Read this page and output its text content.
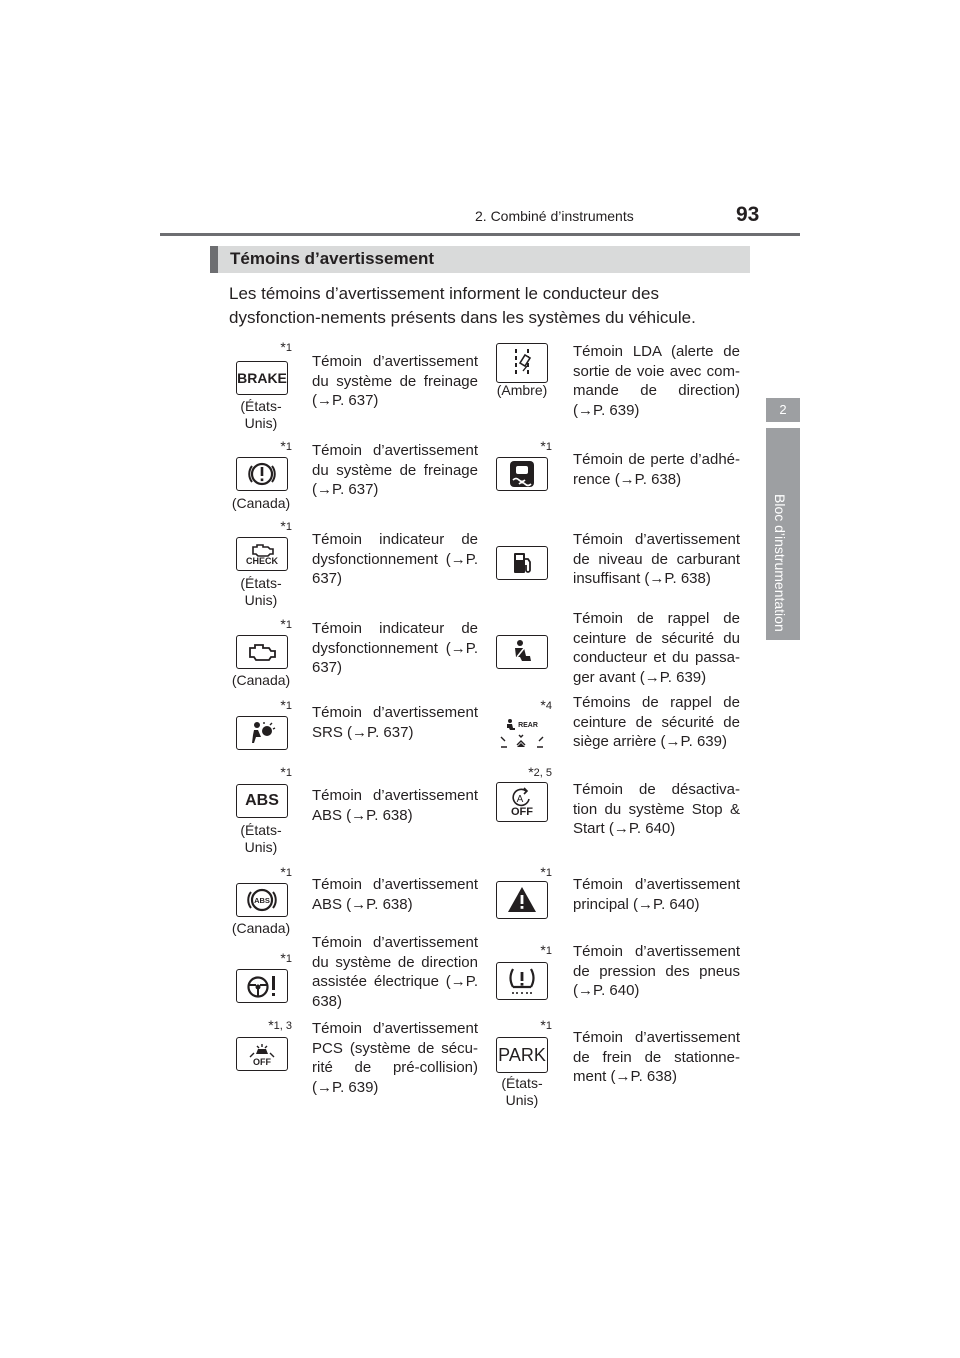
2. Combiné d’instruments	93
2
Bloc d’instrumentation
Témoins d’avertissement
Les témoins d’avertissement informent le conducteur des dysfonction-nements présents dans les systèmes du véhicule.
*$^1$
BRAKE
(États-Unis)
Témoin d’avertissement du système de freinage (→P. 637)
*$^1$
(Canada)
Témoin d’avertissement du système de freinage (→P. 637)
*$^1$
CHECK
(États-Unis)
Témoin indicateur de dysfonctionnement (→P. 637)
*$^1$
(Canada)
Témoin indicateur de dysfonctionnement (→P. 637)
*$^1$ Témoin d’avertissement SRS (→P. 637)
*$^1$
ABS
(États-Unis)
Témoin d’avertissement ABS (→P. 638)
*$^1$
ABS
(Canada)
Témoin d’avertissement ABS (→P. 638)
*$^1$
Témoin d’avertissement du système de direction assistée électrique (→P. 638)
*$^{1, 3}$
OFF
Témoin d’avertissement PCS (système de sécu-rité de pré-collision) (→P. 639)
(Ambre)
Témoin LDA (alerte de sortie de voie avec com-mande de direction) (→P. 639)
*$^1$
Témoin de perte d’adhé-rence (→P. 638)
Témoin d’avertissement de niveau de carburant insuffisant (→P. 638)
Témoin de rappel de ceinture de sécurité du conducteur et du passa-ger avant (→P. 639)
*$^4$
REAR
Témoins de rappel de ceinture de sécurité de siège arrière (→P. 639)
*$^{2, 5}$
A
OFF
Témoin de désactiva-tion du système Stop & Start (→P. 640)
*$^1$
Témoin d’avertissement principal (→P. 640)
*$^1$ Témoin d’avertissement de pression des pneus (→P. 640)
*$^1$
PARK
(États-Unis)
Témoin d’avertissement de frein de stationne-ment (→P. 638)
